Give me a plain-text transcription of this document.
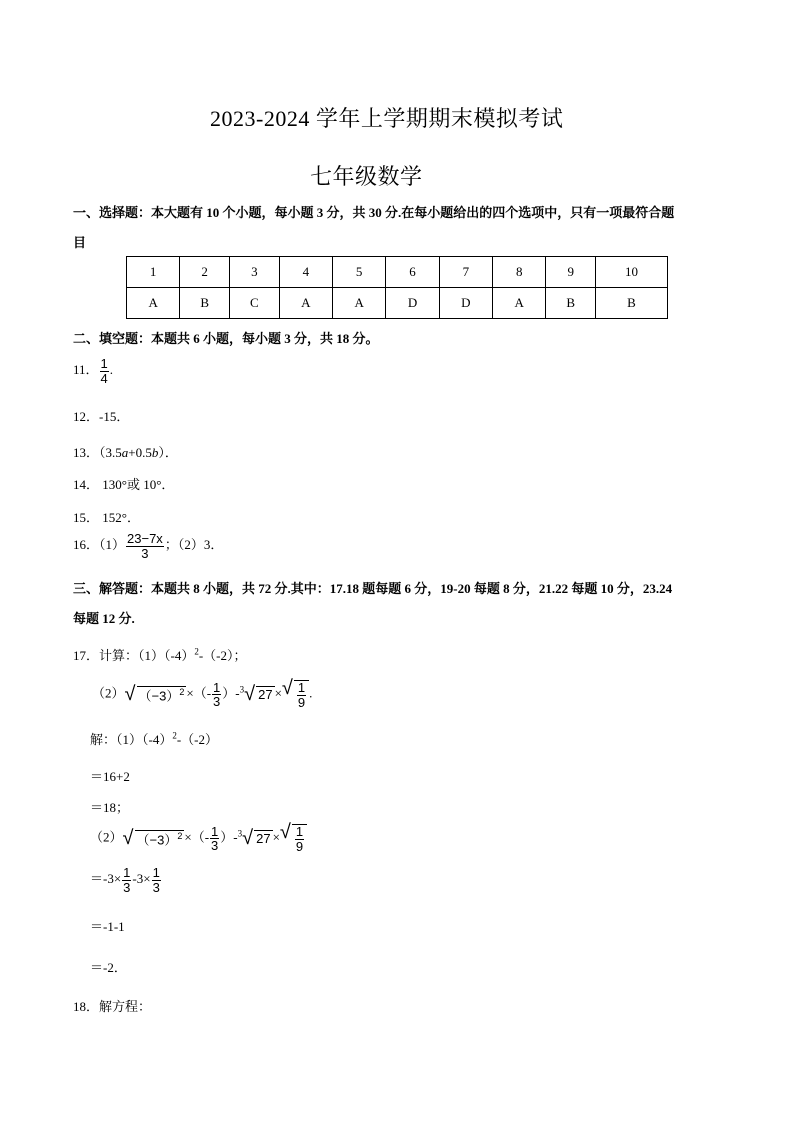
2023-2024 学年上学期期末模拟考试
七年级数学
一、选择题：本大题有 10 个小题，每小题 3 分，共 30 分.在每小题给出的四个选项中，只有一项最符合题
目
1	2	3	4	5	6	7	8	9	10
A	B	C	A	A	D	D	A	B	B
二、填空题：本题共 6 小题，每小题 3 分，共 18 分。
11． $\frac{1}{4}$ .
12．-15．
13．（3.5a+0.5b）．
14． 130°或 10°．
15． 152°．
16．$(1) \frac{23-7x}{3}$ ；（2）3．
三、解答题：本题共 8 小题，共 72 分.其中：17.18 题每题 6 分，19-20 每题 8 分，21.22 每题 10 分，23.24
每题 12 分.
17．计算：$(1)(-4)^2-(-2)$；
（2） √ $(-3)^2$ ×（- $\frac{1}{3} )-^3$ √ 27 × √ $\frac{1}{9}$ .
解：$(1)(-4)^2-(-2)$
＝16+2
＝18；
（2） √ $(-3)^2$ ×（- $\frac{1}{3} )-^3$ √ 27 × √ $\frac{1}{9}$
$=-3\times \frac{1}{3} -3\times \frac{1}{3}$
＝-1-1
＝-2．
18．解方程：
